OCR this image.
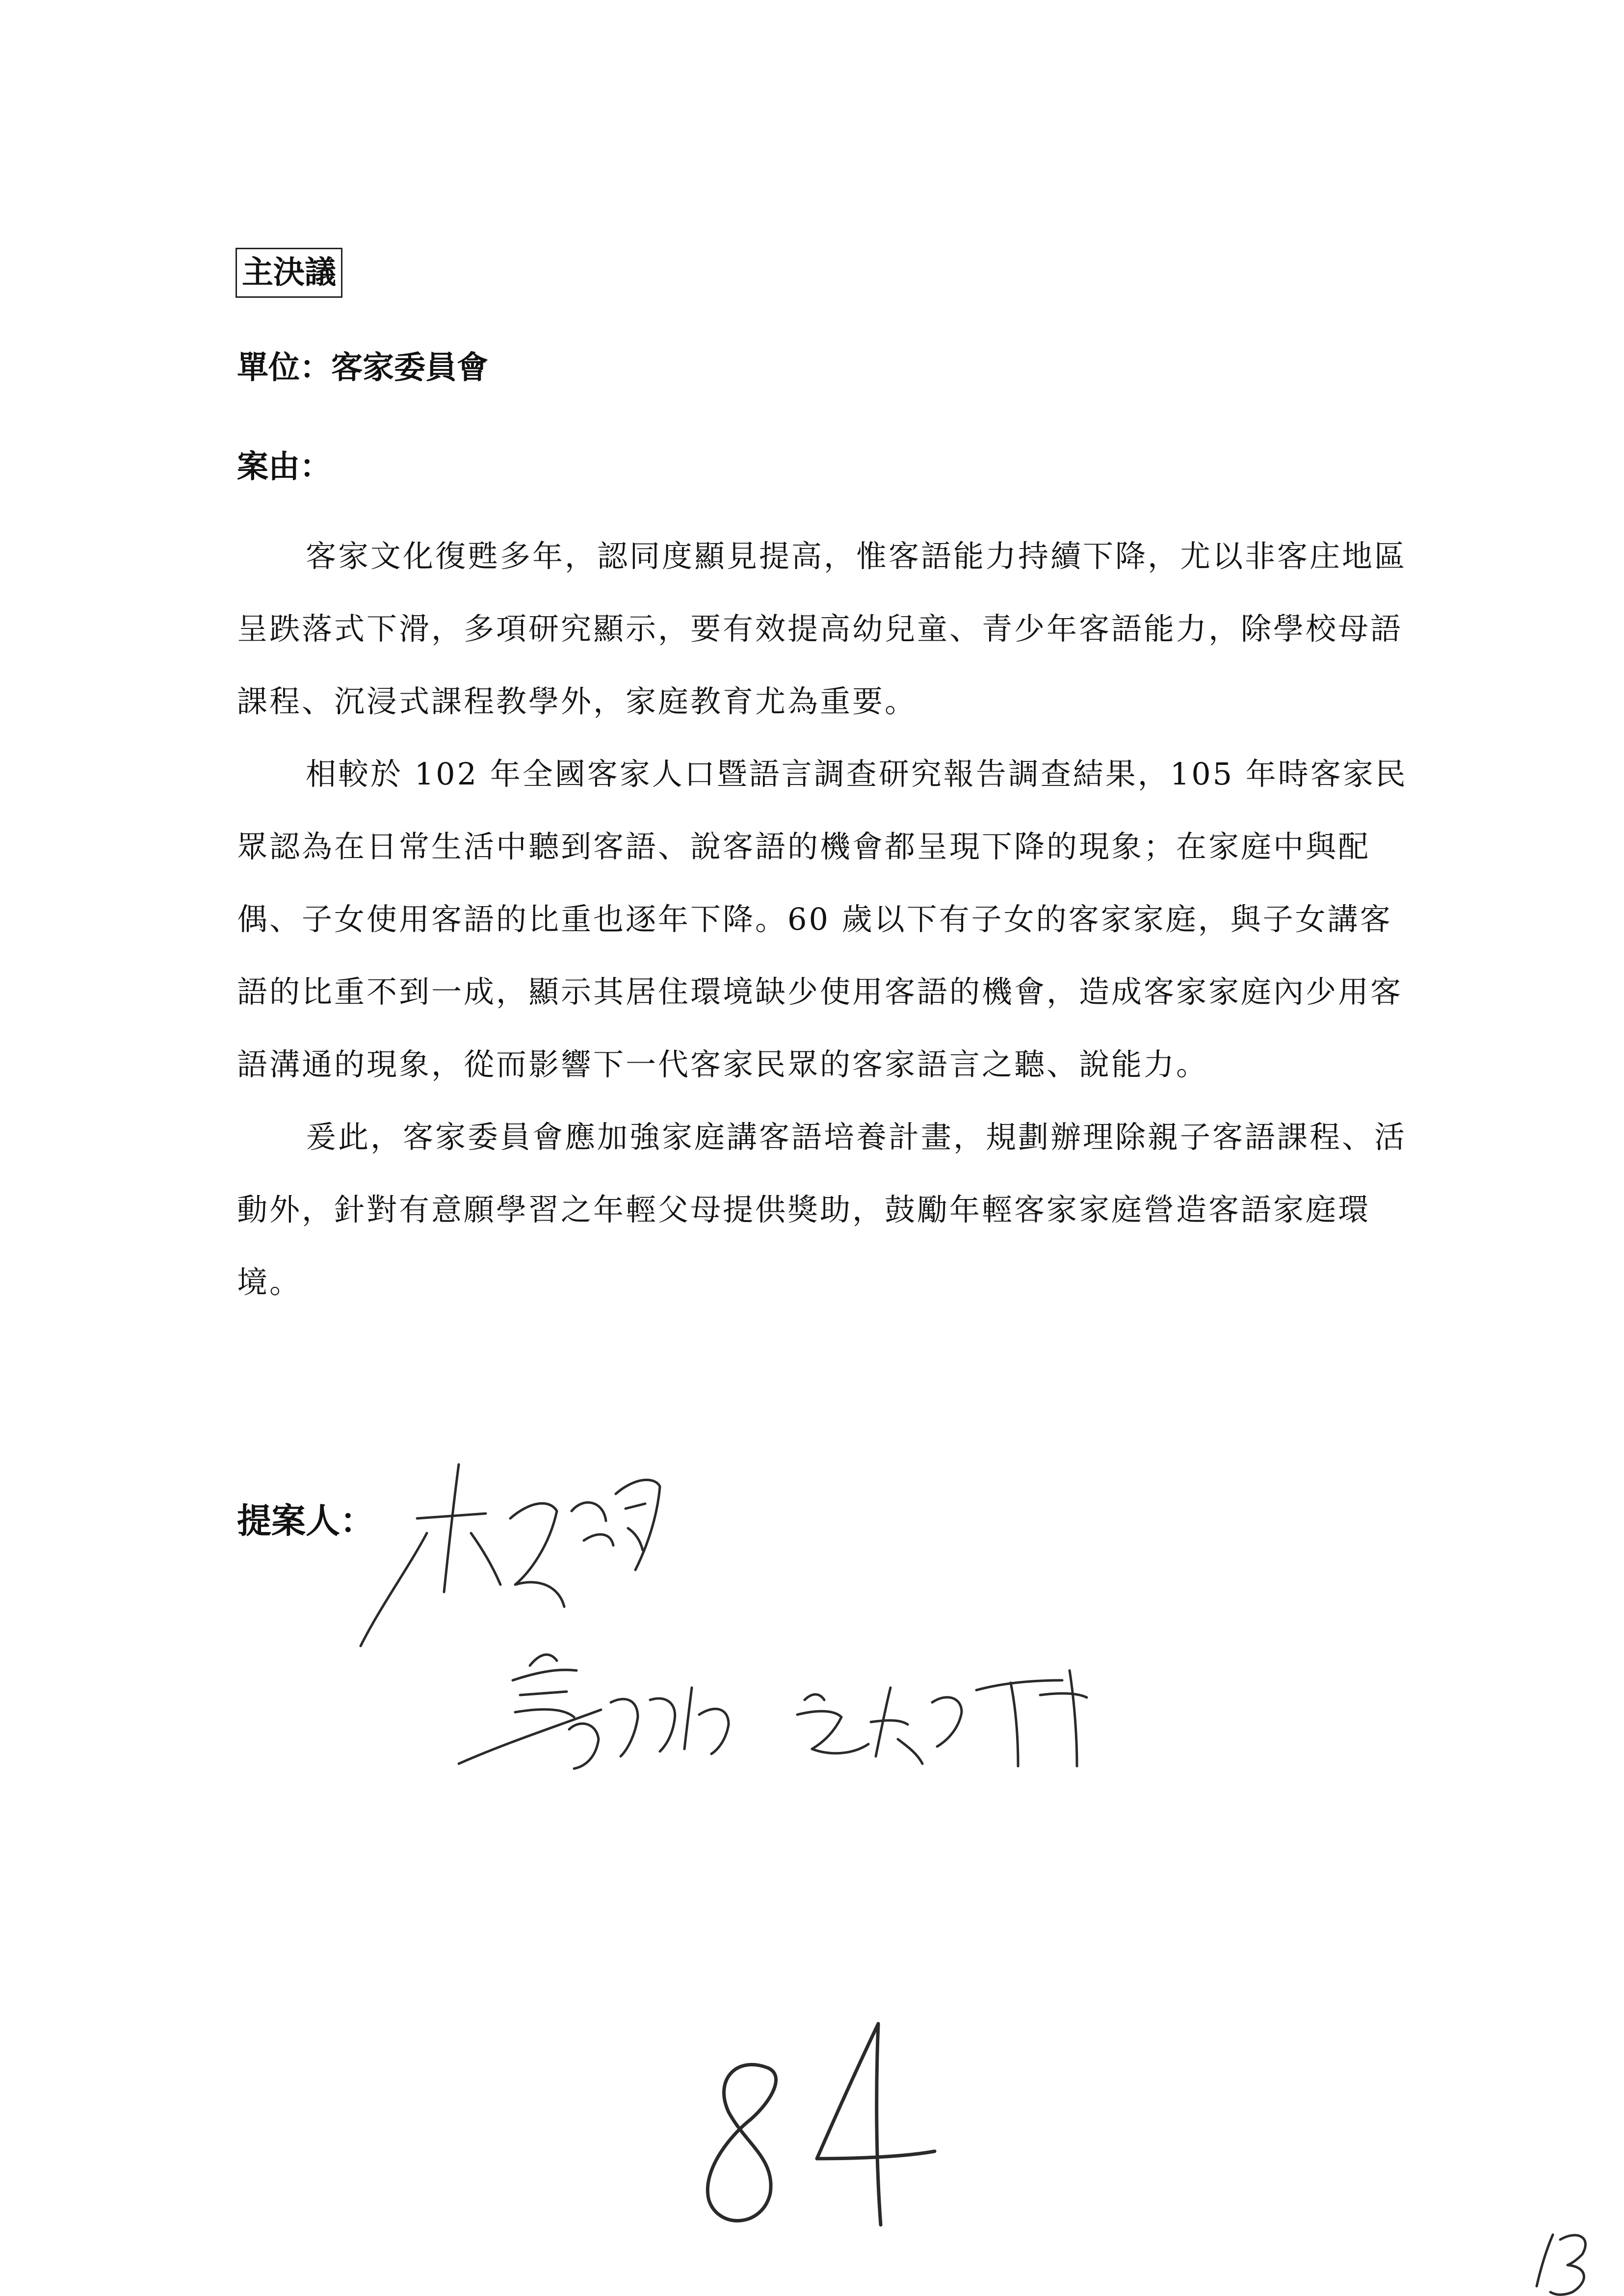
主決議
單位：客家委員會
案由：

客家文化復甦多年，認同度顯見提高，惟客語能力持續下降，尤以非客庄地區呈跌落式下滑，多項研究顯示，要有效提高幼兒童、青少年客語能力，除學校母語課程、沉浸式課程教學外，家庭教育尤為重要。

相較於 102 年全國客家人口暨語言調查研究報告調查結果，105 年時客家民眾認為在日常生活中聽到客語、說客語的機會都呈現下降的現象；在家庭中與配偶、子女使用客語的比重也逐年下降。60 歲以下有子女的客家家庭，與子女講客語的比重不到一成，顯示其居住環境缺少使用客語的機會，造成客家家庭內少用客語溝通的現象，從而影響下一代客家民眾的客家語言之聽、說能力。

爰此，客家委員會應加強家庭講客語培養計畫，規劃辦理除親子客語課程、活動外，針對有意願學習之年輕父母提供獎助，鼓勵年輕客家家庭營造客語家庭環境。

提案人：
